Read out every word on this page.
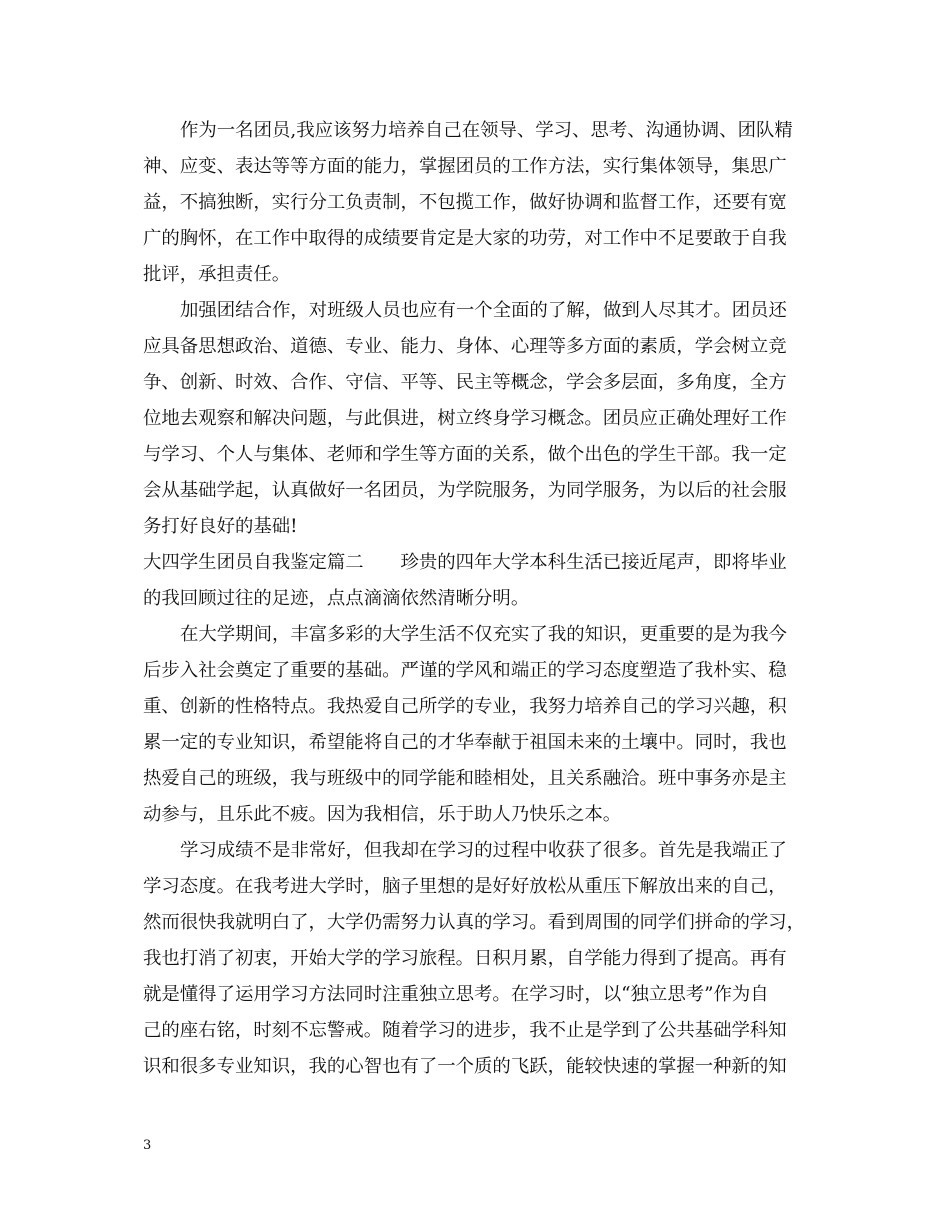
作为一名团员,我应该努力培养自己在领导、学习、思考、沟通协调、团队精
神、应变、表达等等方面的能力，掌握团员的工作方法，实行集体领导，集思广
益，不搞独断，实行分工负责制，不包揽工作，做好协调和监督工作，还要有宽
广的胸怀，在工作中取得的成绩要肯定是大家的功劳，对工作中不足要敢于自我
批评，承担责任。
加强团结合作，对班级人员也应有一个全面的了解，做到人尽其才。团员还
应具备思想政治、道德、专业、能力、身体、心理等多方面的素质，学会树立竞
争、创新、时效、合作、守信、平等、民主等概念，学会多层面，多角度，全方
位地去观察和解决问题，与此俱进，树立终身学习概念。团员应正确处理好工作
与学习、个人与集体、老师和学生等方面的关系，做个出色的学生干部。我一定
会从基础学起，认真做好一名团员，为学院服务，为同学服务，为以后的社会服
务打好良好的基础!
大四学生团员自我鉴定篇二　　珍贵的四年大学本科生活已接近尾声，即将毕业
的我回顾过往的足迹，点点滴滴依然清晰分明。
在大学期间，丰富多彩的大学生活不仅充实了我的知识，更重要的是为我今
后步入社会奠定了重要的基础。严谨的学风和端正的学习态度塑造了我朴实、稳
重、创新的性格特点。我热爱自己所学的专业，我努力培养自己的学习兴趣，积
累一定的专业知识，希望能将自己的才华奉献于祖国未来的土壤中。同时，我也
热爱自己的班级，我与班级中的同学能和睦相处，且关系融洽。班中事务亦是主
动参与，且乐此不疲。因为我相信，乐于助人乃快乐之本。
学习成绩不是非常好，但我却在学习的过程中收获了很多。首先是我端正了
学习态度。在我考进大学时，脑子里想的是好好放松从重压下解放出来的自己，
然而很快我就明白了，大学仍需努力认真的学习。看到周围的同学们拼命的学习，
我也打消了初衷，开始大学的学习旅程。日积月累，自学能力得到了提高。再有
就是懂得了运用学习方法同时注重独立思考。在学习时，以“独立思考”作为自
己的座右铭，时刻不忘警戒。随着学习的进步，我不止是学到了公共基础学科知
识和很多专业知识，我的心智也有了一个质的飞跃，能较快速的掌握一种新的知
3
